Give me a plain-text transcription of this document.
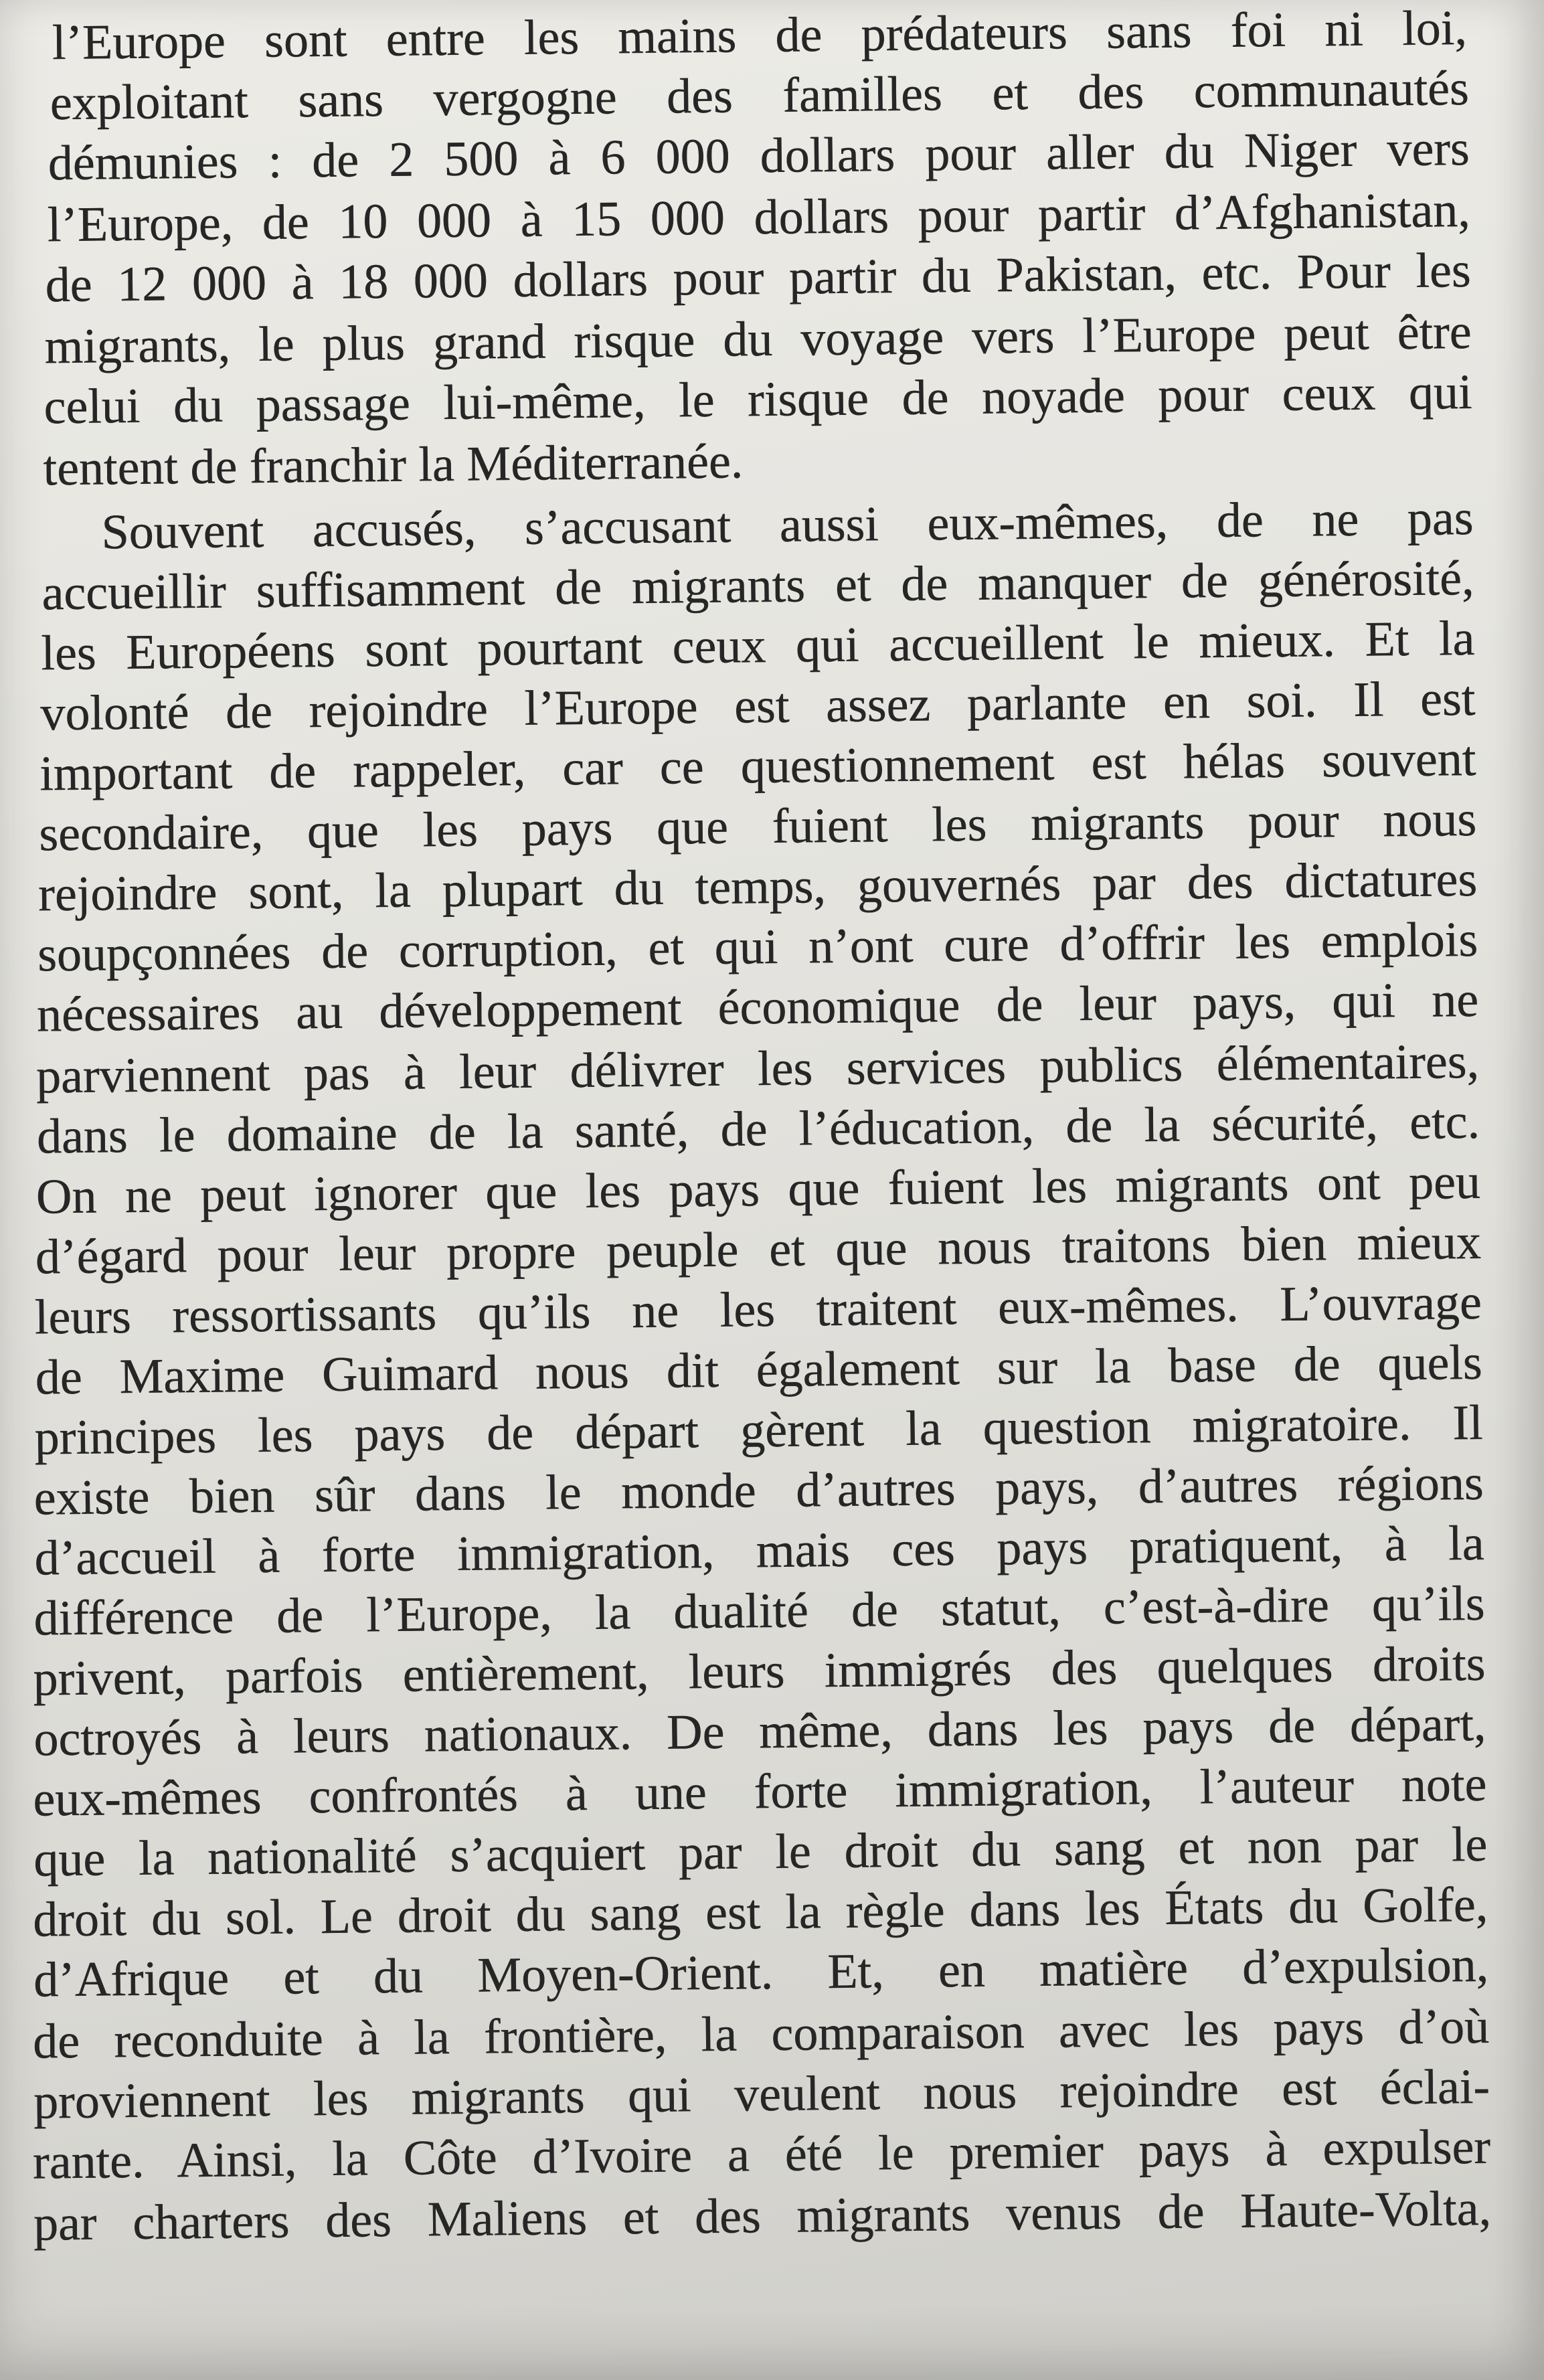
l’Europe sont entre les mains de prédateurs sans foi ni loi,

exploitant sans vergogne des familles et des communautés

démunies : de 2 500 à 6 000 dollars pour aller du Niger vers

l’Europe, de 10 000 à 15 000 dollars pour partir d’Afghanistan,

de 12 000 à 18 000 dollars pour partir du Pakistan, etc. Pour les

migrants, le plus grand risque du voyage vers l’Europe peut être

celui du passage lui-même, le risque de noyade pour ceux qui

tentent de franchir la Méditerranée.

Souvent accusés, s’accusant aussi eux-mêmes, de ne pas

accueillir suffisamment de migrants et de manquer de générosité,

les Européens sont pourtant ceux qui accueillent le mieux. Et la

volonté de rejoindre l’Europe est assez parlante en soi. Il est

important de rappeler, car ce questionnement est hélas souvent

secondaire, que les pays que fuient les migrants pour nous

rejoindre sont, la plupart du temps, gouvernés par des dictatures

soupçonnées de corruption, et qui n’ont cure d’offrir les emplois

nécessaires au développement économique de leur pays, qui ne

parviennent pas à leur délivrer les services publics élémentaires,

dans le domaine de la santé, de l’éducation, de la sécurité, etc.

On ne peut ignorer que les pays que fuient les migrants ont peu

d’égard pour leur propre peuple et que nous traitons bien mieux

leurs ressortissants qu’ils ne les traitent eux-mêmes. L’ouvrage

de Maxime Guimard nous dit également sur la base de quels

principes les pays de départ gèrent la question migratoire. Il

existe bien sûr dans le monde d’autres pays, d’autres régions

d’accueil à forte immigration, mais ces pays pratiquent, à la

différence de l’Europe, la dualité de statut, c’est-à-dire qu’ils

privent, parfois entièrement, leurs immigrés des quelques droits

octroyés à leurs nationaux. De même, dans les pays de départ,

eux-mêmes confrontés à une forte immigration, l’auteur note

que la nationalité s’acquiert par le droit du sang et non par le

droit du sol. Le droit du sang est la règle dans les États du Golfe,

d’Afrique et du Moyen-Orient. Et, en matière d’expulsion,

de reconduite à la frontière, la comparaison avec les pays d’où

proviennent les migrants qui veulent nous rejoindre est éclai-

rante. Ainsi, la Côte d’Ivoire a été le premier pays à expulser

par charters des Maliens et des migrants venus de Haute-Volta,
